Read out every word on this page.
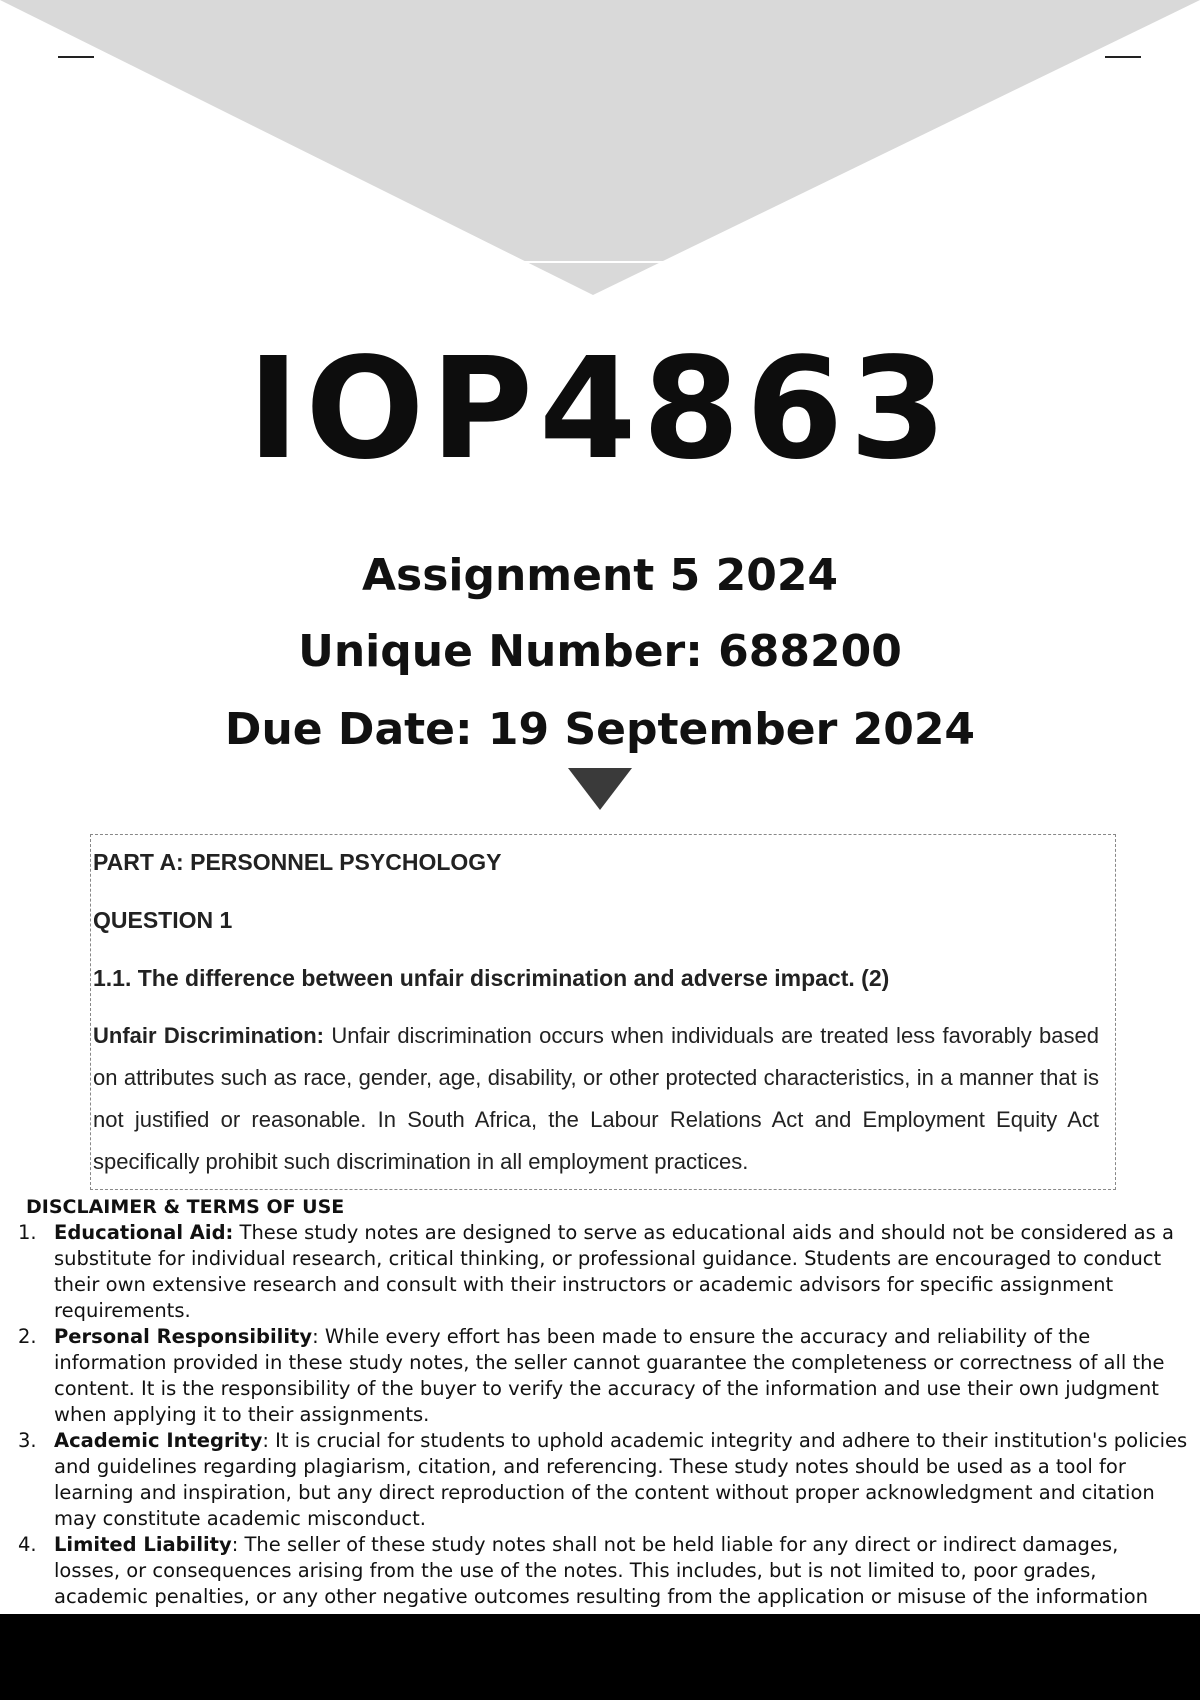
IOP4863
Assignment 5 2024
Unique Number: 688200
Due Date: 19 September 2024
PART A: PERSONNEL PSYCHOLOGY
QUESTION 1
1.1. The difference between unfair discrimination and adverse impact. (2)

Unfair Discrimination: Unfair discrimination occurs when individuals are treated less favorably based on attributes such as race, gender, age, disability, or other protected characteristics, in a manner that is not justified or reasonable. In South Africa, the Labour Relations Act and Employment Equity Act specifically prohibit such discrimination in all employment practices.

DISCLAIMER & TERMS OF USE
1. Educational Aid: These study notes are designed to serve as educational aids and should not be considered as a substitute for individual research, critical thinking, or professional guidance. Students are encouraged to conduct their own extensive research and consult with their instructors or academic advisors for specific assignment requirements.
2. Personal Responsibility: While every effort has been made to ensure the accuracy and reliability of the information provided in these study notes, the seller cannot guarantee the completeness or correctness of all the content. It is the responsibility of the buyer to verify the accuracy of the information and use their own judgment when applying it to their assignments.
3. Academic Integrity: It is crucial for students to uphold academic integrity and adhere to their institution's policies and guidelines regarding plagiarism, citation, and referencing. These study notes should be used as a tool for learning and inspiration, but any direct reproduction of the content without proper acknowledgment and citation may constitute academic misconduct.
4. Limited Liability: The seller of these study notes shall not be held liable for any direct or indirect damages, losses, or consequences arising from the use of the notes. This includes, but is not limited to, poor grades, academic penalties, or any other negative outcomes resulting from the application or misuse of the information
